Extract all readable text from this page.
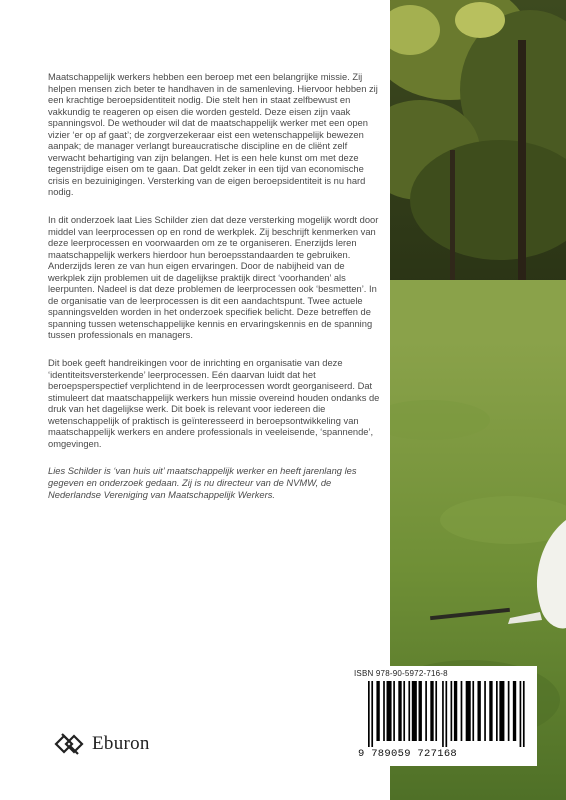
Maatschappelijk werkers hebben een beroep met een belangrijke missie. Zij helpen mensen zich beter te handhaven in de samenleving. Hiervoor hebben zij een krachtige beroepsidentiteit nodig. Die stelt hen in staat zelfbewust en vakkundig te reageren op eisen die worden gesteld. Deze eisen zijn vaak spanningsvol. De wethouder wil dat de maatschappelijk werker met een open vizier ‘er op af gaat’; de zorgverzekeraar eist een wetenschappelijk bewezen aanpak; de manager verlangt bureaucratische discipline en de cliënt zelf verwacht behartiging van zijn belangen. Het is een hele kunst om met deze tegenstrijdige eisen om te gaan. Dat geldt zeker in een tijd van economische crisis en bezuinigingen. Versterking van de eigen beroepsidentiteit is nu hard nodig.

In dit onderzoek laat Lies Schilder zien dat deze versterking mogelijk wordt door middel van leerprocessen op en rond de werkplek. Zij beschrijft kenmerken van deze leerprocessen en voorwaarden om ze te organiseren. Enerzijds leren maatschappelijk werkers hierdoor hun beroepsstandaarden te gebruiken. Anderzijds leren ze van hun eigen ervaringen. Door de nabijheid van de werkplek zijn problemen uit de dagelijkse praktijk direct ‘voorhanden’ als leerpunten. Nadeel is dat deze problemen de leerprocessen ook ‘besmetten’. In de organisatie van de leerprocessen is dit een aandachtspunt. Twee actuele spanningsvelden worden in het onderzoek specifiek belicht. Deze betreffen de spanning tussen wetenschappelijke kennis en ervaringskennis en de spanning tussen professionals en managers.

Dit boek geeft handreikingen voor de inrichting en organisatie van deze ‘identiteitsversterkende’ leerprocessen. Eén daarvan luidt dat het beroepsperspectief verplichtend in de leerprocessen wordt georganiseerd. Dat stimuleert dat maatschappelijk werkers hun missie overeind houden ondanks de druk van het dagelijkse werk. Dit boek is relevant voor iedereen die wetenschappelijk of praktisch is geïnteresseerd in beroepsontwikkeling van maatschappelijk werkers en andere professionals in veeleisende, ‘spannende’, omgevingen.

Lies Schilder is ‘van huis uit’ maatschappelijk werker en heeft jarenlang les gegeven en onderzoek gedaan. Zij is nu directeur van de NVMW, de Nederlandse Vereniging van Maatschappelijk Werkers.

ISBN 978-90-5972-716-8
9 789059 727168
Eburon
